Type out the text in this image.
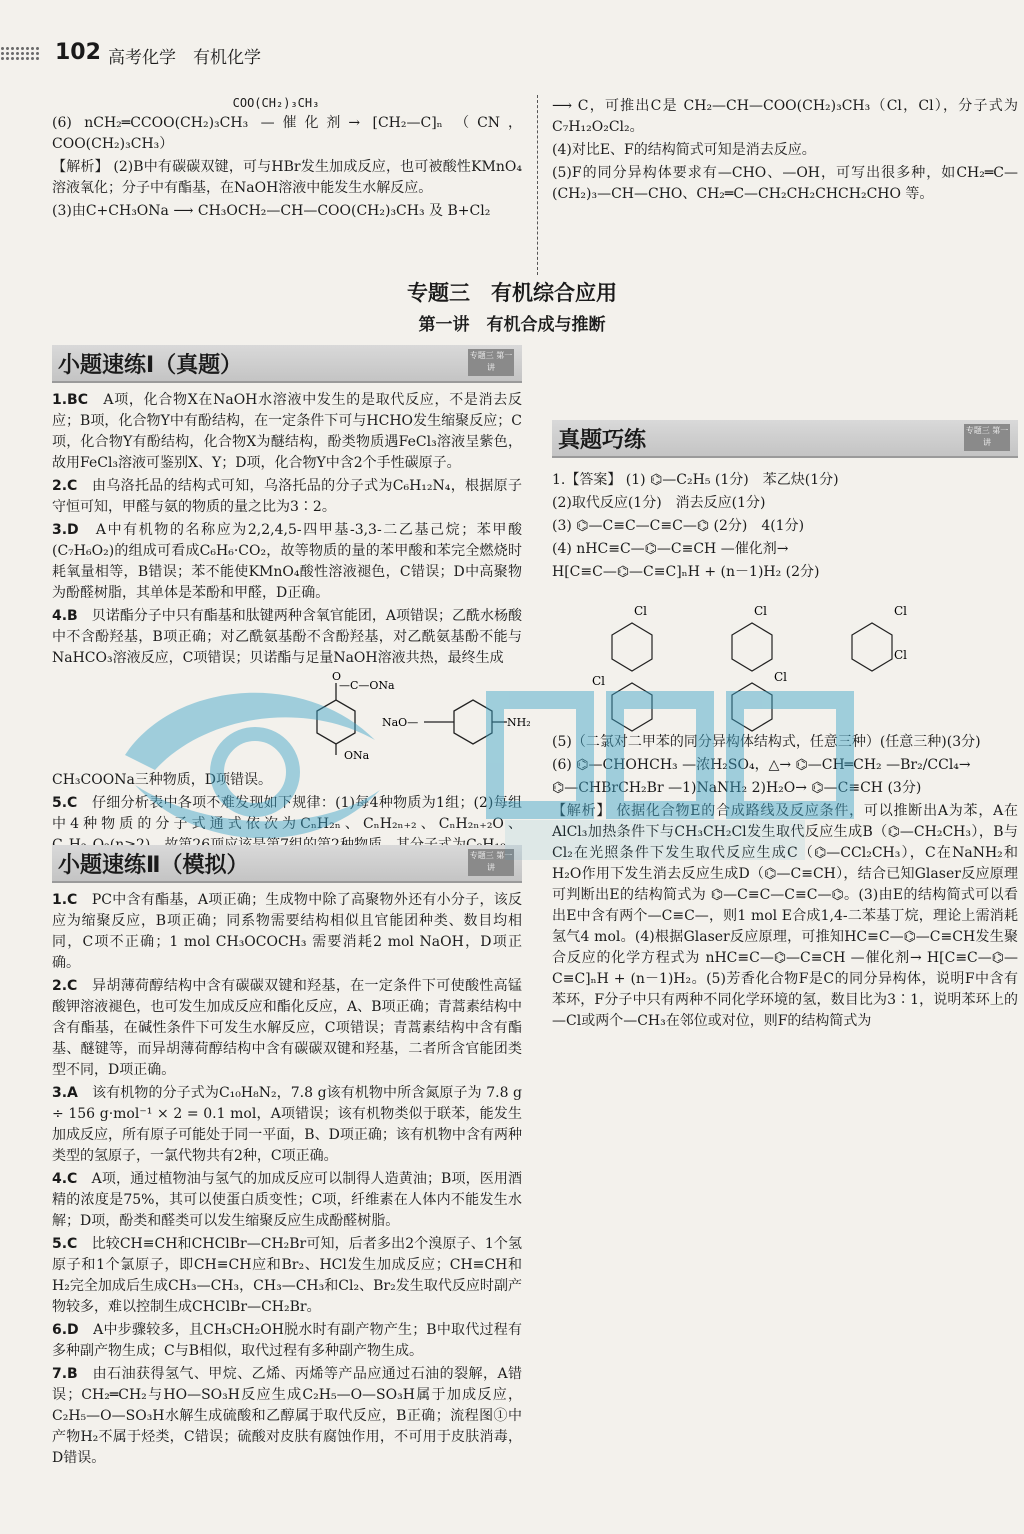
102 高考化学　有机化学

COO(CH₂)₃CH₃

(6) nCH₂═CCOO(CH₂)₃CH₃ —催化剂→ [CH₂—C]ₙ （CN，COO(CH₂)₃CH₃）

【解析】 (2)B中有碳碳双键，可与HBr发生加成反应，也可被酸性KMnO₄溶液氧化；分子中有酯基，在NaOH溶液中能发生水解反应。

(3)由C+CH₃ONa ⟶ CH₃OCH₂—CH—COO(CH₂)₃CH₃ 及 B+Cl₂

⟶ C，可推出C是 CH₂—CH—COO(CH₂)₃CH₃（Cl，Cl），分子式为C₇H₁₂O₂Cl₂。

(4)对比E、F的结构简式可知是消去反应。

(5)F的同分异构体要求有—CHO、—OH，可写出很多种，如CH₂═C—(CH₂)₃—CH—CHO、CH₂═C—CH₂CH₂CHCH₂CHO 等。

专题三　有机综合应用
第一讲　有机合成与推断
小题速练Ⅰ（真题）	专题三 第一讲

1.BC　 A项，化合物X在NaOH水溶液中发生的是取代反应，不是消去反应；B项，化合物Y中有酚结构，在一定条件下可与HCHO发生缩聚反应；C项，化合物Y有酚结构，化合物X为醚结构，酚类物质遇FeCl₃溶液呈紫色，故用FeCl₃溶液可鉴别X、Y；D项，化合物Y中含2个手性碳原子。

2.C　 由乌洛托品的结构式可知，乌洛托品的分子式为C₆H₁₂N₄，根据原子守恒可知，甲醛与氨的物质的量之比为3∶2。

3.D　 A中有机物的名称应为2,2,4,5-四甲基-3,3-二乙基己烷；苯甲酸(C₇H₆O₂)的组成可看成C₆H₆·CO₂，故等物质的量的苯甲酸和苯完全燃烧时耗氧量相等，B错误；苯不能使KMnO₄酸性溶液褪色，C错误；D中高聚物为酚醛树脂，其单体是苯酚和甲醛，D正确。

4.B　 贝诺酯分子中只有酯基和肽键两种含氧官能团，A项错误；乙酰水杨酸中不含酚羟基，B项正确；对乙酰氨基酚不含酚羟基，对乙酰氨基酚不能与NaHCO₃溶液反应，C项错误；贝诺酯与足量NaOH溶液共热，最终生成

O
—C—ONa
ONa
NaO—	NH₂

CH₃COONa三种物质，D项错误。

5.C　 仔细分析表中各项不难发现如下规律：(1)每4种物质为1组；(2)每组中4种物质的分子式通式依次为CₙH₂ₙ、CₙH₂ₙ₊₂、CₙH₂ₙ₊₂O、

小题速练Ⅱ（模拟）	专题三 第一讲

1.C　 PC中含有酯基，A项正确；生成物中除了高聚物外还有小分子，该反应为缩聚反应，B项正确；同系物需要结构相似且官能团种类、数目均相同，C项不正确；1 mol CH₃OCOCH₃ 需要消耗2 mol NaOH，D项正确。

2.C　 异胡薄荷醇结构中含有碳碳双键和羟基，在一定条件下可使酸性高锰酸钾溶液褪色，也可发生加成反应和酯化反应，A、B项正确；青蒿素结构中含有酯基，在碱性条件下可发生水解反应，C项错误；青蒿素结构中含有酯基、醚键等，而异胡薄荷醇结构中含有碳碳双键和羟基，二者所含官能团类型不同，D项正确。

3.A　 该有机物的分子式为C₁₀H₈N₂，7.8 g该有机物中所含氮原子为 7.8 g ÷ 156 g·mol⁻¹ × 2 = 0.1 mol，A项错误；该有机物类似于联苯，能发生加成反应，所有原子可能处于同一平面，B、D项正确；该有机物中含有两种类型的氢原子，一氯代物共有2种，C项正确。

4.C　 A项，通过植物油与氢气的加成反应可以制得人造黄油；B项，医用酒精的浓度是75%，其可以使蛋白质变性；C项，纤维素在人体内不能发生水解；D项，酚类和醛类可以发生缩聚反应生成酚醛树脂。

5.C　 比较CH≡CH和CHClBr—CH₂Br可知，后者多出2个溴原子、1个氢原子和1个氯原子，即CH≡CH应和Br₂、HCl发生加成反应；CH≡CH和H₂完全加成后生成CH₃—CH₃，CH₃—CH₃和Cl₂、Br₂发生取代反应时副产物较多，难以控制生成CHClBr—CH₂Br。

6.D　 A中步骤较多，且CH₃CH₂OH脱水时有副产物产生；B中取代过程有多种副产物生成；C与B相似，取代过程有多种副产物生成。

7.B　 由石油获得氢气、甲烷、乙烯、丙烯等产品应通过石油的裂解，A错误；CH₂═CH₂与HO—SO₃H反应生成C₂H₅—O—SO₃H属于加成反应，C₂H₅—O—SO₃H水解生成硫酸和乙醇属于取代反应，B正确；流程图①中产物H₂不属于烃类，C错误；硫酸对皮肤有腐蚀作用，不可用于皮肤消毒，D错误。

真题巧练	专题三 第一讲

1.【答案】 (1) ⌬—C₂H₅ (1分)　苯乙炔(1分)

(2)取代反应(1分)　消去反应(1分)

(3) ⌬—C≡C—C≡C—⌬ (2分)　4(1分)

(4) nHC≡C—⌬—C≡CH —催化剂→

H[C≡C—⌬—C≡C]ₙH + (n－1)H₂ (2分)

Cl
Cl
Cl
Cl
Cl
Cl

(5)（二氯对二甲苯的同分异构体结构式，任意三种）(任意三种)(3分)

(6) ⌬—CHOHCH₃ —浓H₂SO₄，△→ ⌬—CH═CH₂ —Br₂/CCl₄→

⌬—CHBrCH₂Br —1)NaNH₂ 2)H₂O→ ⌬—C≡CH (3分)

【解析】 依据化合物E的合成路线及反应条件，可以推断出A为苯，A在AlCl₃加热条件下与CH₃CH₂Cl发生取代反应生成B（⌬—CH₂CH₃），B与Cl₂在光照条件下发生取代反应生成C（⌬—CCl₂CH₃），C在NaNH₂和H₂O作用下发生消去反应生成D（⌬—C≡CH），结合已知Glaser反应原理可判断出E的结构简式为 ⌬—C≡C—C≡C—⌬。(3)由E的结构简式可以看出E中含有两个—C≡C—，则1 mol E合成1,4-二苯基丁烷，理论上需消耗氢气4 mol。(4)根据Glaser反应原理，可推知HC≡C—⌬—C≡CH发生聚合反应的化学方程式为 nHC≡C—⌬—C≡CH —催化剂→ H[C≡C—⌬—C≡C]ₙH + (n－1)H₂。(5)芳香化合物F是C的同分异构体，说明F中含有苯环，F分子中只有两种不同化学环境的氢，数目比为3∶1，说明苯环上的—Cl或两个—CH₃在邻位或对位，则F的结构简式为
